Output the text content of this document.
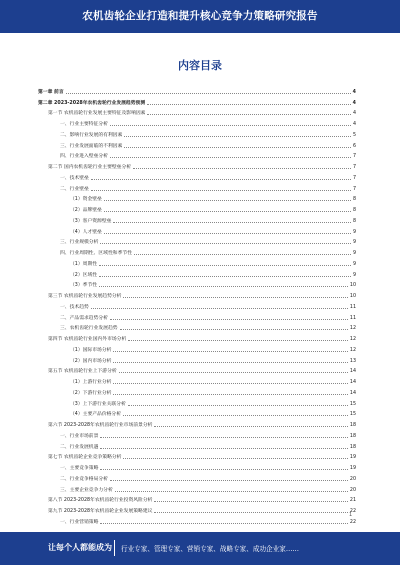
农机齿轮企业打造和提升核心竞争力策略研究报告
内容目录
第一章 前言	4
第二章 2023-2028年农机齿轮行业发展趋势预测	4
第一节 农机齿轮行业发展主要特征及影响因素	4
一、行业主要特征分析	4
二、影响行业发展的有利因素	5
三、行业发展面临的不利因素	6
四、行业进入壁垒分析	7
第二节 国内农机齿轮行业主要壁垒分析	7
一、技术壁垒	7
二、行业壁垒	7
（1）资金壁垒	8
（2）品牌壁垒	8
（3）客户资源壁垒	8
（4）人才壁垒	9
三、行业规模分析	9
四、行业周期性、区域性和季节性	9
（1）周期性	9
（2）区域性	9
（3）季节性	10
第三节 农机齿轮行业发展趋势分析	10
一、技术趋势	11
二、产品需求趋势分析	11
三、农机齿轮行业发展趋势	12
第四节 农机齿轮行业国内外市场分析	12
（1）国际市场分析	12
（2）国内市场分析	13
第五节 农机齿轮行业上下游分析	14
（1）上游行业分析	14
（2）下游行业分析	14
（3）上下游行业关联分析	15
（4）主要产品价格分析	15
第六节 2023-2028年农机齿轮行业市场前景分析	18
一、行业市场前景	18
二、行业发展机遇	18
第七节 农机齿轮企业竞争策略分析	19
一、主要竞争策略	19
二、行业竞争格局分析	20
三、主要企业竞争力分析	20
第八节 2023-2028年农机齿轮行业投资风险分析	21
第九节 2023-2028年农机齿轮企业发展策略建议	22
一、行业营销策略	22
1
让每个人都能成为 行业专家、管理专家、营销专家、战略专家、成功企业家……
